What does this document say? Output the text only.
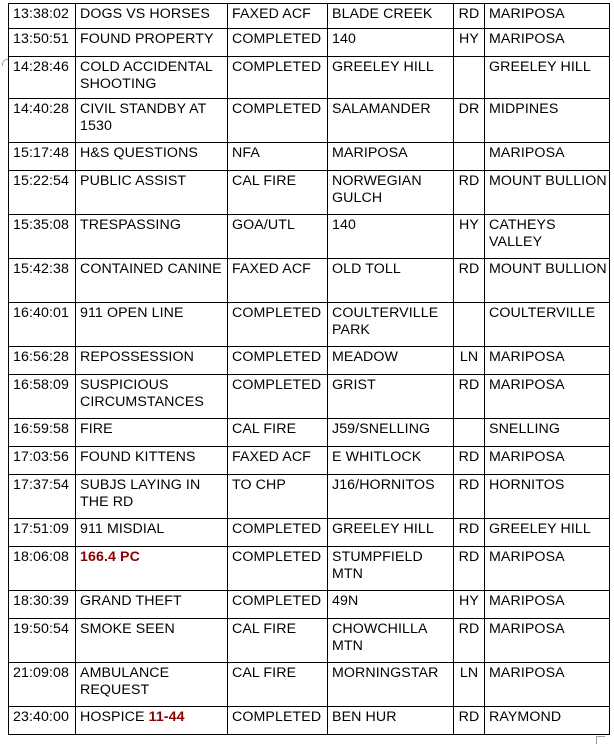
13:38:02	DOGS VS HORSES	FAXED ACF	BLADE CREEK	RD	MARIPOSA
13:50:51	FOUND PROPERTY	COMPLETED	140	HY	MARIPOSA
14:28:46	COLD ACCIDENTAL SHOOTING	COMPLETED	GREELEY HILL		GREELEY HILL
14:40:28	CIVIL STANDBY AT 1530	COMPLETED	SALAMANDER	DR	MIDPINES
15:17:48	H&S QUESTIONS	NFA	MARIPOSA		MARIPOSA
15:22:54	PUBLIC ASSIST	CAL FIRE	NORWEGIAN GULCH	RD	MOUNT BULLION
15:35:08	TRESPASSING	GOA/UTL	140	HY	CATHEYS VALLEY
15:42:38	CONTAINED CANINE	FAXED ACF	OLD TOLL	RD	MOUNT BULLION
16:40:01	911 OPEN LINE	COMPLETED	COULTERVILLE PARK		COULTERVILLE
16:56:28	REPOSSESSION	COMPLETED	MEADOW	LN	MARIPOSA
16:58:09	SUSPICIOUS CIRCUMSTANCES	COMPLETED	GRIST	RD	MARIPOSA
16:59:58	FIRE	CAL FIRE	J59/SNELLING		SNELLING
17:03:56	FOUND KITTENS	FAXED ACF	E WHITLOCK	RD	MARIPOSA
17:37:54	SUBJS LAYING IN THE RD	TO CHP	J16/HORNITOS	RD	HORNITOS
17:51:09	911 MISDIAL	COMPLETED	GREELEY HILL	RD	GREELEY HILL
18:06:08	166.4 PC	COMPLETED	STUMPFIELD MTN	RD	MARIPOSA
18:30:39	GRAND THEFT	COMPLETED	49N	HY	MARIPOSA
19:50:54	SMOKE SEEN	CAL FIRE	CHOWCHILLA MTN	RD	MARIPOSA
21:09:08	AMBULANCE REQUEST	CAL FIRE	MORNINGSTAR	LN	MARIPOSA
23:40:00	HOSPICE 11-44	COMPLETED	BEN HUR	RD	RAYMOND
